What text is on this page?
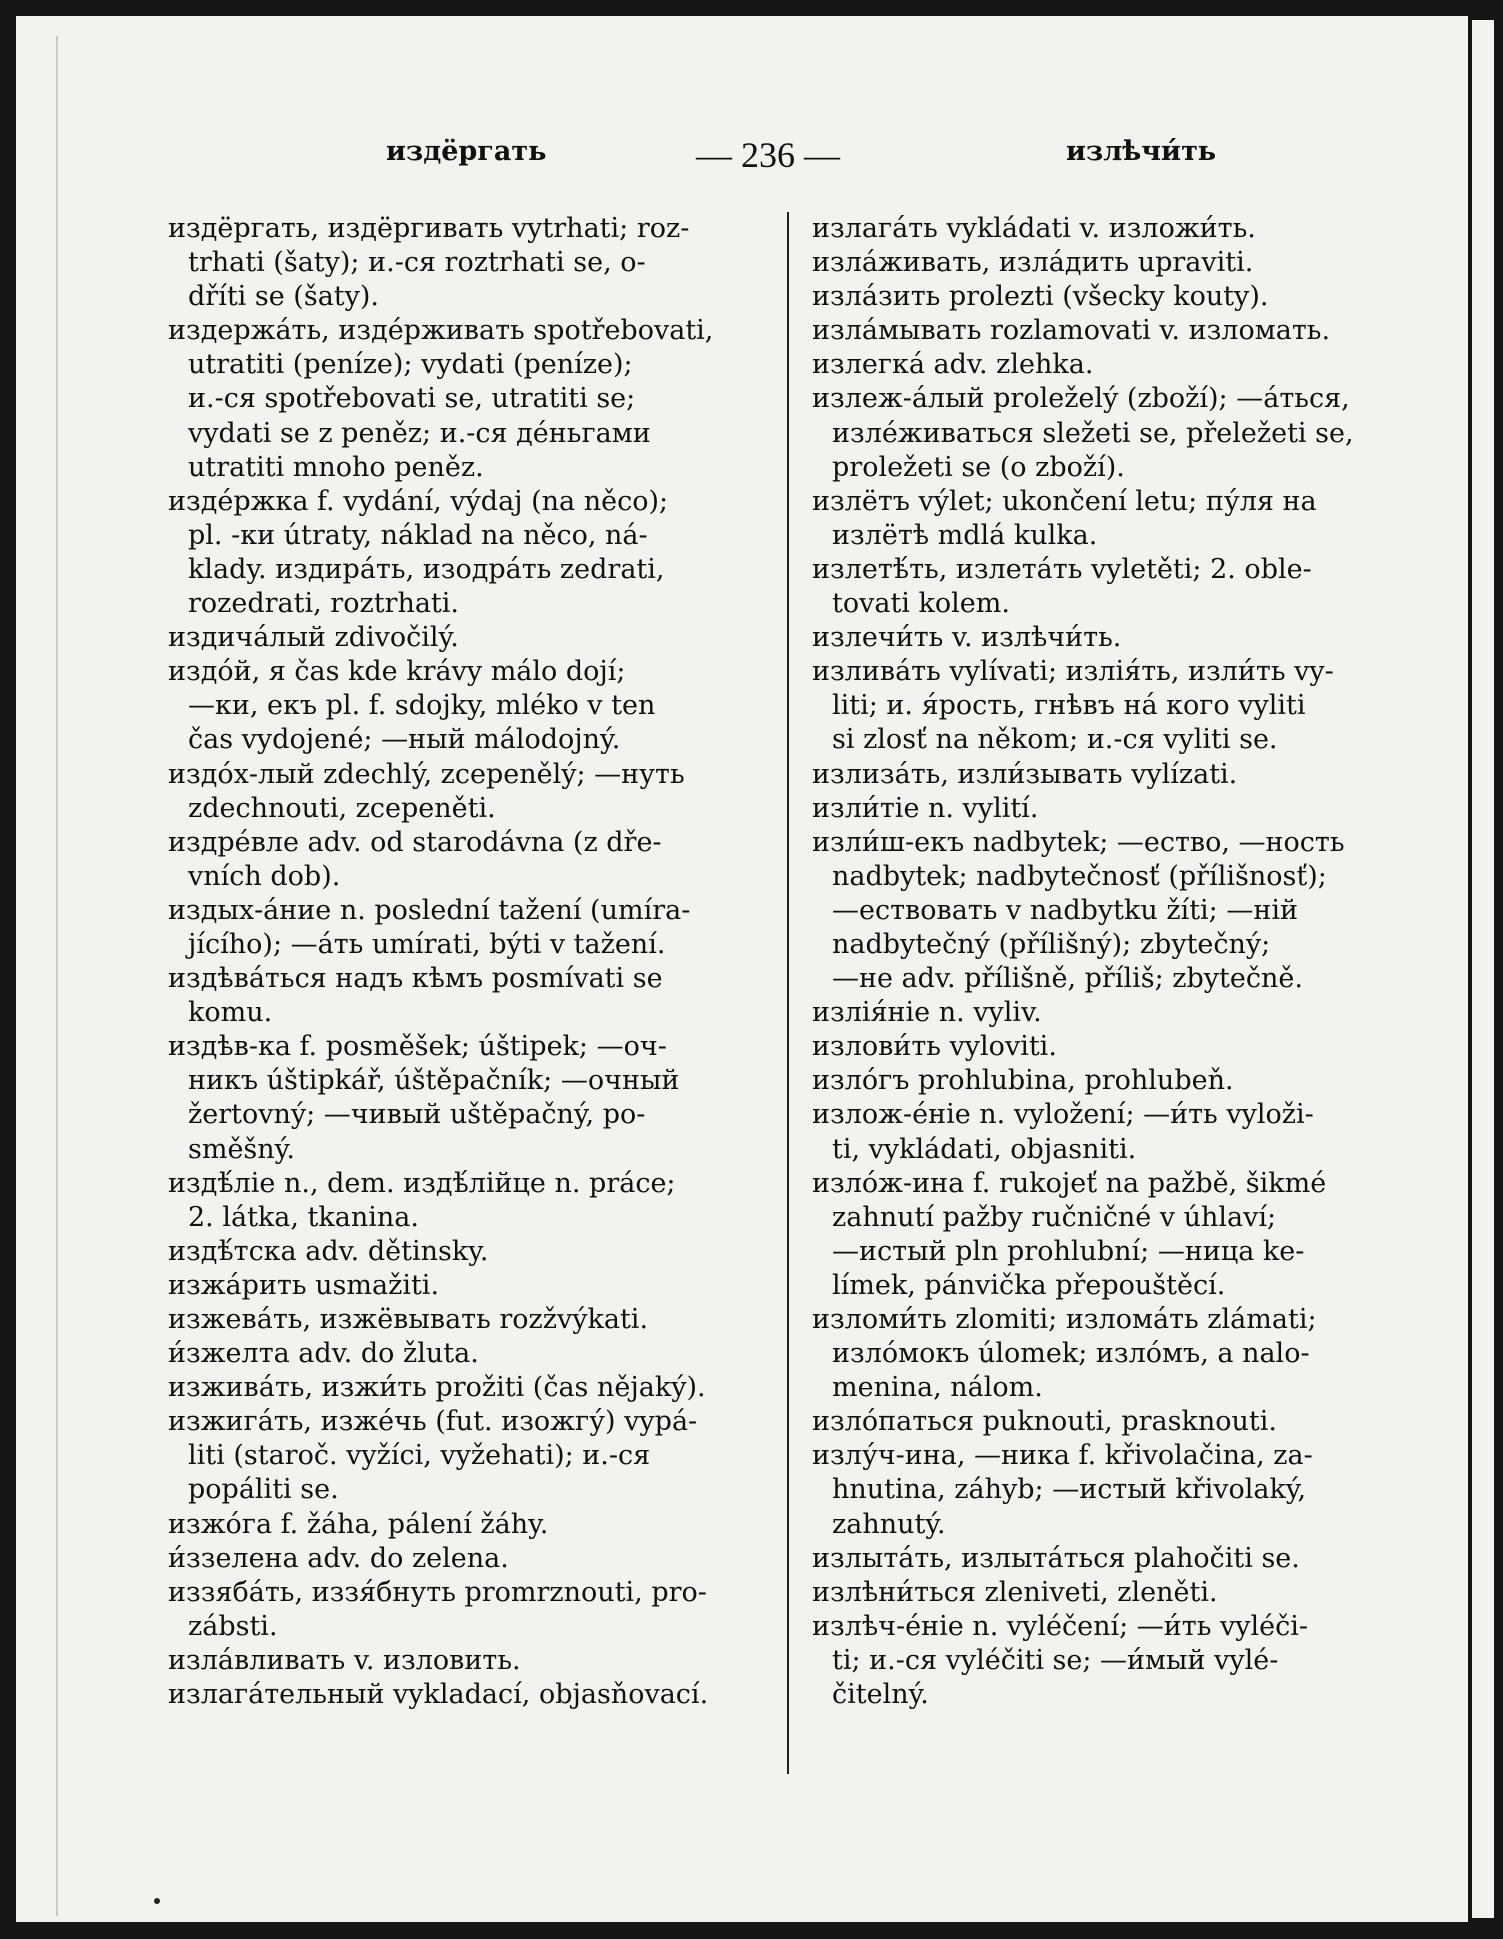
издёргать	— 236 —	излѣчи́ть
издёргать, издёргивать vytrhati; roz-
trhati (šaty); и.-ся roztrhati se, o-
dříti se (šaty).
издержа́ть, изде́рживать spotřebovati,
utratiti (peníze); vydati (peníze);
и.-ся spotřebovati se, utratiti se;
vydati se z peněz; и.-ся де́ньгами
utratiti mnoho peněz.
изде́ржка f. vydání, výdaj (na něco);
pl. -ки útraty, náklad na něco, ná-
klady. издира́ть, изодра́ть zedrati,
rozedrati, roztrhati.
издича́лый zdivočilý.
издо́й, я čas kde krávy málo dojí;
—ки, екъ pl. f. sdojky, mléko v ten
čas vydojené; —ный málodojný.
издо́х-лый zdechlý, zcepenělý; —нуть
zdechnouti, zcepeněti.
издре́вле adv. od starodávna (z dře-
vních dob).
издых-а́ние n. poslední tažení (umíra-
jícího); —а́ть umírati, býti v tažení.
издѣва́ться надъ кѣмъ posmívati se
komu.
издѣв-ка f. posměšek; úštipek; —оч-
никъ úštipkář, úštěpačník; —очный
žertovný; —чивый uštěpačný, po-
směšný.
издѣ́лie n., dem. издѣ́лiйце n. práce;
2. látka, tkanina.
издѣ́тска adv. dětinsky.
изжа́рить usmažiti.
изжева́ть, изжёвывать rozžvýkati.
и́зжелта adv. do žluta.
изжива́ть, изжи́ть prožiti (čas nějaký).
изжига́ть, изже́чь (fut. изожгу́) vypá-
liti (staroč. vyžíci, vyžehati); и.-ся
popáliti se.
изжо́га f. žáha, pálení žáhy.
и́ззелена adv. do zelena.
иззяба́ть, иззя́бнуть promrznouti, pro-
zábsti.
изла́вливать v. изловить.
излага́тельный vykladací, objasňovací.
излага́ть vykládati v. изложи́ть.
изла́живать, изла́дить upraviti.
изла́зить prolezti (všecky kouty).
изла́мывать rozlamovati v. изломать.
излегка́ adv. zlehka.
излеж-а́лый proleželý (zboží); —а́ться,
изле́живаться sležeti se, přeležeti se,
proležeti se (o zboží).
излётъ výlet; ukončení letu; пу́ля на
излётѣ mdlá kulka.
излетѣ́ть, излета́ть vyletěti; 2. oble-
tovati kolem.
излечи́ть v. излѣчи́ть.
излива́ть vylívati; излія́ть, изли́ть vy-
liti; и. я́рость, гнѣвъ на́ кого vyliti
si zlosť na někom; и.-ся vyliti se.
излиза́ть, изли́зывать vylízati.
изли́тie n. vylití.
изли́ш-екъ nadbytek; —ество, —ность
nadbytek; nadbytečnosť (přílišnosť);
—ествовать v nadbytku žíti; —ній
nadbytečný (přílišný); zbytečný;
—не adv. přílišně, příliš; zbytečně.
излія́нie n. vyliv.
излови́ть vyloviti.
изло́гъ prohlubina, prohlubeň.
излож-е́нie n. vyložení; —и́ть vyloži-
ti, vykládati, objasniti.
изло́ж-ина f. rukojeť na pažbě, šikmé
zahnutí pažby ručničné v úhlaví;
—истый pln prohlubní; —ница ke-
límek, pánvička přepouštěcí.
изломи́ть zlomiti; излома́ть zlámati;
изло́мокъ úlomek; изло́мъ, a nalo-
menina, nálom.
изло́паться puknouti, prasknouti.
излу́ч-ина, —ника f. křivolačina, za-
hnutina, záhyb; —истый křivolaký,
zahnutý.
излыта́ть, излыта́ться plahočiti se.
излѣни́ться zleniveti, zleněti.
излѣч-е́нie n. vyléčení; —и́ть vyléči-
ti; и.-ся vyléčiti se; —и́мый vylé-
čitelný.
